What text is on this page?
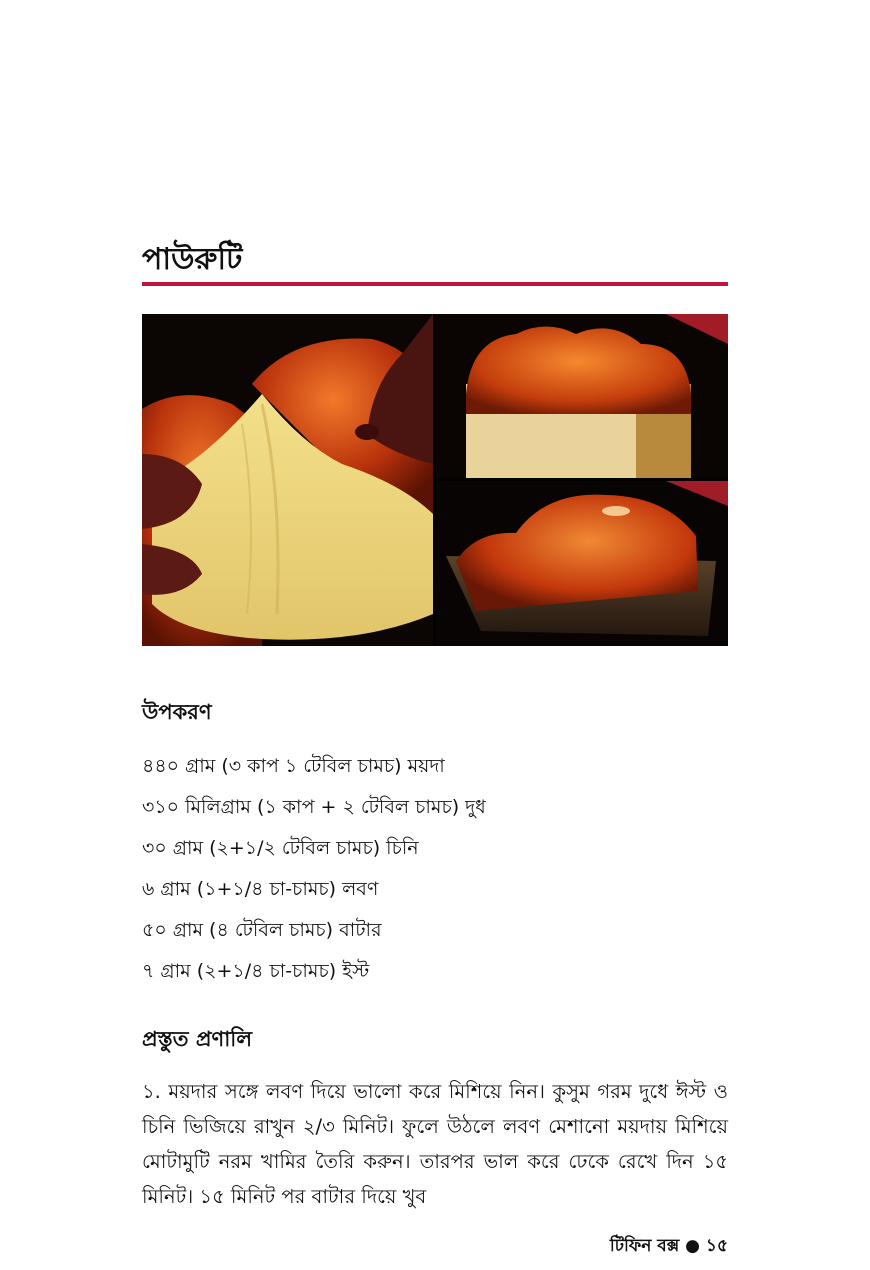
পাউরুটি
উপকরণ
৪৪০ গ্রাম (৩ কাপ ১ টেবিল চামচ) ময়দা
৩১০ মিলিগ্রাম (১ কাপ + ২ টেবিল চামচ) দুধ
৩০ গ্রাম (২+১/২ টেবিল চামচ) চিনি
৬ গ্রাম (১+১/৪ চা-চামচ) লবণ
৫০ গ্রাম (৪ টেবিল চামচ) বাটার
৭ গ্রাম (২+১/৪ চা-চামচ) ইস্ট
প্রস্তুত প্রণালি

১. ময়দার সঙ্গে লবণ দিয়ে ভালো করে মিশিয়ে নিন। কুসুম গরম দুধে ঈস্ট ও চিনি ভিজিয়ে রাখুন ২/৩ মিনিট। ফুলে উঠলে লবণ মেশানো ময়দায় মিশিয়ে মোটামুটি নরম খামির তৈরি করুন। তারপর ভাল করে ঢেকে রেখে দিন ১৫ মিনিট। ১৫ মিনিট পর বাটার দিয়ে খুব

টিফিন বক্স ● ১৫
